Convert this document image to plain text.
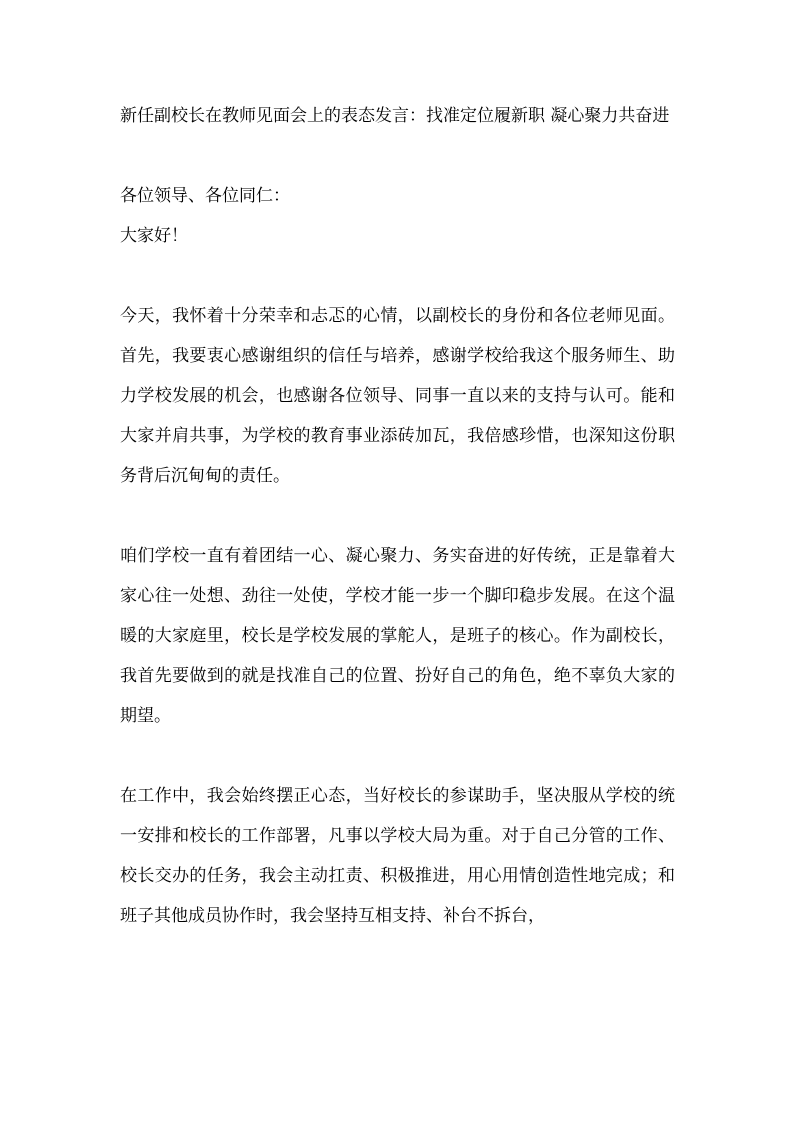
新任副校长在教师见面会上的表态发言：找准定位履新职 凝心聚力共奋进

各位领导、各位同仁：

大家好！

今天，我怀着十分荣幸和忐忑的心情，以副校长的身份和各位老师见面。首先，我要衷心感谢组织的信任与培养，感谢学校给我这个服务师生、助力学校发展的机会，也感谢各位领导、同事一直以来的支持与认可。能和大家并肩共事，为学校的教育事业添砖加瓦，我倍感珍惜，也深知这份职务背后沉甸甸的责任。

咱们学校一直有着团结一心、凝心聚力、务实奋进的好传统，正是靠着大家心往一处想、劲往一处使，学校才能一步一个脚印稳步发展。在这个温暖的大家庭里，校长是学校发展的掌舵人，是班子的核心。作为副校长，我首先要做到的就是找准自己的位置、扮好自己的角色，绝不辜负大家的期望。

在工作中，我会始终摆正心态，当好校长的参谋助手，坚决服从学校的统一安排和校长的工作部署，凡事以学校大局为重。对于自己分管的工作、校长交办的任务，我会主动扛责、积极推进，用心用情创造性地完成；和班子其他成员协作时，我会坚持互相支持、补台不拆台，
